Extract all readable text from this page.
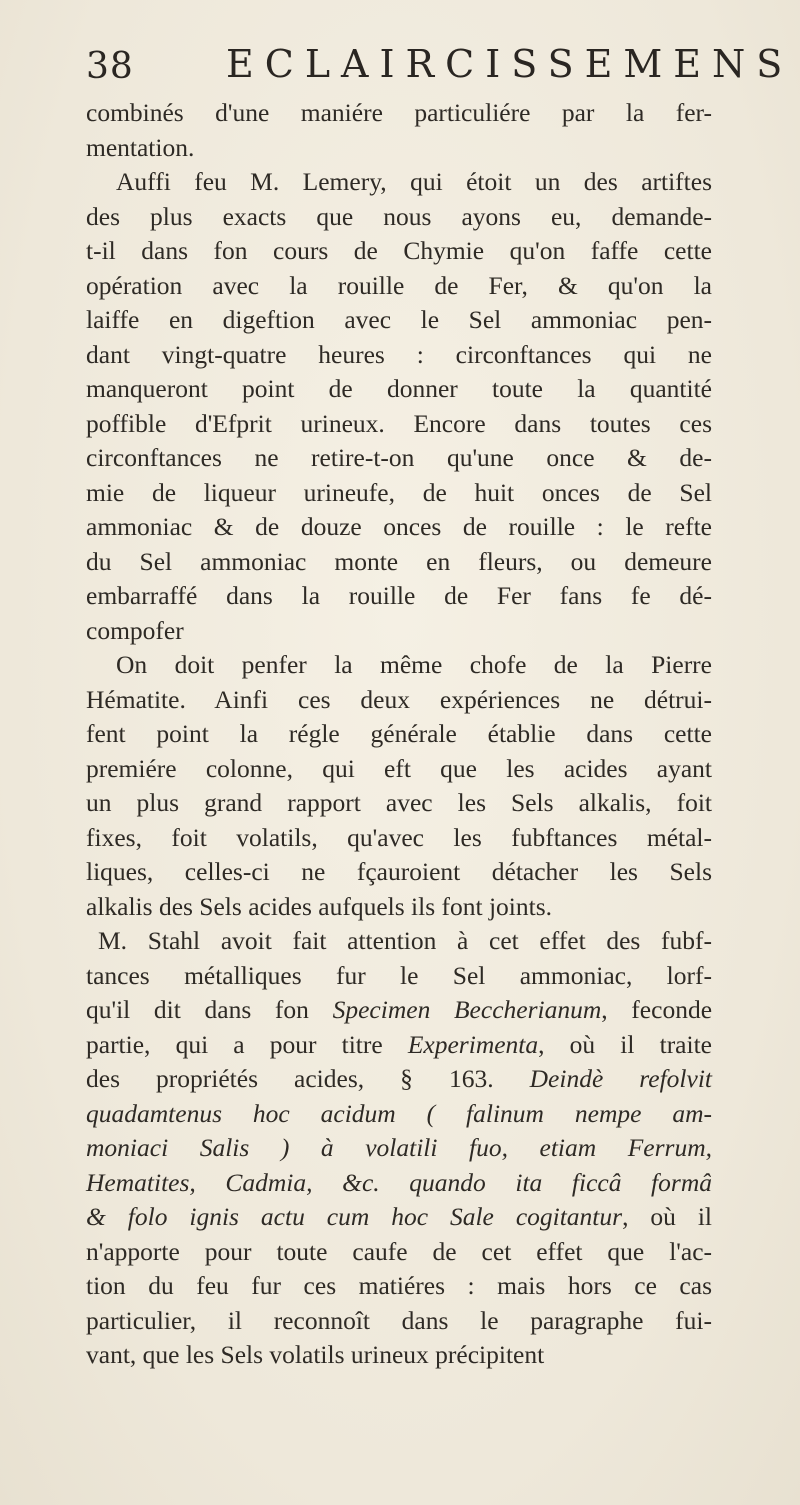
38 ECLAIRCISSEMENS
combinés d'une maniére particuliére par la fer-
mentation.
Auffi feu M. Lemery, qui étoit un des artiftes
des plus exacts que nous ayons eu, demande-
t-il dans fon cours de Chymie qu'on faffe cette
opération avec la rouille de Fer, & qu'on la
laiffe en digeftion avec le Sel ammoniac pen-
dant vingt-quatre heures : circonftances qui ne
manqueront point de donner toute la quantité
poffible d'Efprit urineux. Encore dans toutes ces
circonftances ne retire-t-on qu'une once & de-
mie de liqueur urineufe, de huit onces de Sel
ammoniac & de douze onces de rouille : le refte
du Sel ammoniac monte en fleurs, ou demeure
embarraffé dans la rouille de Fer fans fe dé-
compofer
On doit penfer la même chofe de la Pierre
Hématite. Ainfi ces deux expériences ne détrui-
fent point la régle générale établie dans cette
premiére colonne, qui eft que les acides ayant
un plus grand rapport avec les Sels alkalis, foit
fixes, foit volatils, qu'avec les fubftances métal-
liques, celles-ci ne fçauroient détacher les Sels
alkalis des Sels acides aufquels ils font joints.
M. Stahl avoit fait attention à cet effet des fubf-
tances métalliques fur le Sel ammoniac, lorf-
qu'il dit dans fon Specimen Beccherianum, feconde
partie, qui a pour titre Experimenta, où il traite
des propriétés acides, § 163. Deindè refolvit
quadamtenus hoc acidum ( falinum nempe am-
moniaci Salis ) à volatili fuo, etiam Ferrum,
Hematites, Cadmia, &c. quando ita ficcâ formâ
& folo ignis actu cum hoc Sale cogitantur, où il
n'apporte pour toute caufe de cet effet que l'ac-
tion du feu fur ces matiéres : mais hors ce cas
particulier, il reconnoît dans le paragraphe fui-
vant, que les Sels volatils urineux précipitent
